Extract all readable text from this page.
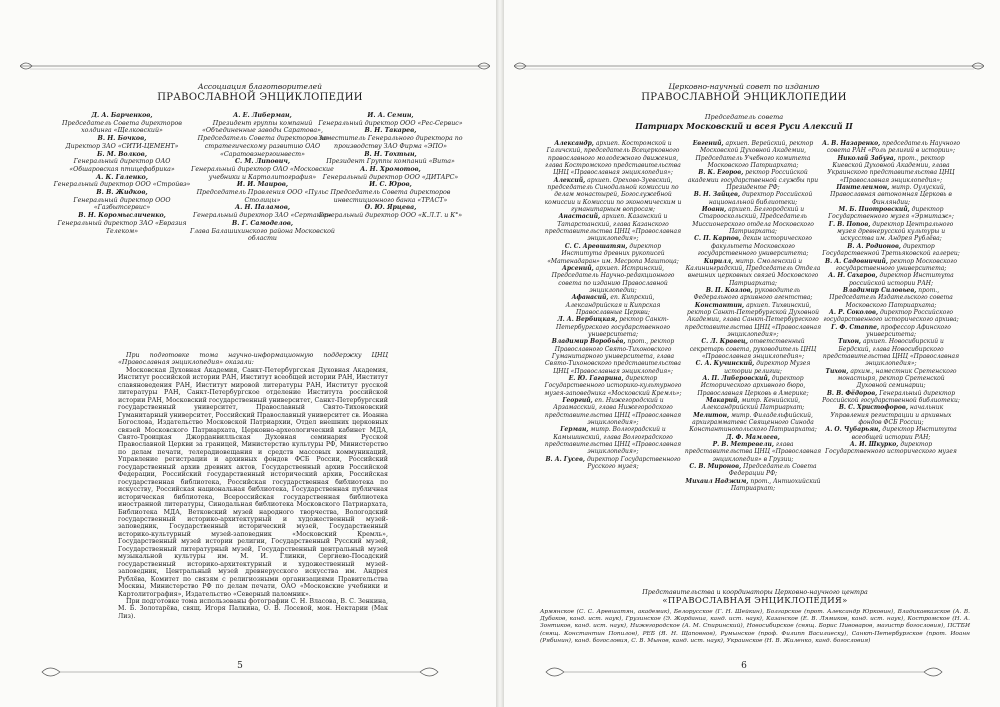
Ассоциация благотворителей
ПРАВОСЛАВНОЙ ЭНЦИКЛОПЕДИИ
Д. А. Барченков,
Председатель Совета директоров холдинга «Щелковский»
В. Н. Бочков,
Директор ЗАО «СИТИ-ЦЕМЕНТ»
Б. М. Волков,
Генеральный директор ОАО «Обшаровская птицефабрика»
А. К. Галенко,
Генеральный директор ООО «Стройвэ»
В. В. Жидков,
Генеральный директор ООО «Газбытсервис»
В. Н. Коромысличенко,
Генеральный директор ЗАО «Евразия Телеком»
А. Е. Либерман,
Президент группы компаний «Объединенные заводы Саратова», Председатель Совета директоров по стратегическому развитию ОАО «Саратовэнергоинвест»
С. М. Липович,
Генеральный директор ОАО «Московские учебники и Картолитография»
И. И. Маиров,
Председатель Правления ООО «Пульс Столицы»
А. Н. Паламов,
Генеральный директор ЗАО «Сертакер»
В. Г. Самоделов,
Глава Балашихинского района Московской области
И. А. Семин,
Генеральный директор ООО «Рес-Сервис»
В. Н. Такарев,
Заместитель Генерального директора по производству ЗАО Фирма «ЭПО»
В. Н. Тохтын,
Президент Группы компаний «Вита»
А. Н. Хромотов,
Генеральный директор ООО «ДИТАРС»
И. С. Юров,
Председатель Совета директоров инвестиционного банка «ТРАСТ»
О. Ю. Ярцева,
Генеральный директор ООО «К.Л.Т. и К°»

При подготовке тома научно-информационную поддержку ЦНЦ «Православная энциклопедия» оказали:

Московская Духовная Академия, Санкт-Петербургская Духовная Академия, Институт российской истории РАН, Институт всеобщей истории РАН, Институт славяноведения РАН, Институт мировой литературы РАН, Институт русской литературы РАН, Санкт-Петербургское отделение Института российской истории РАН, Московский государственный университет, Санкт-Петербургский государственный университет, Православный Свято-Тихоновский Гуманитарный университет, Российский Православный университет св. Иоанна Богослова, Издательство Московской Патриархии, Отдел внешних церковных связей Московского Патриархата, Церковно-археологический кабинет МДА, Свято-Троицкая Джорданвилльская Духовная семинария Русской Православной Церкви за границей, Министерство культуры РФ, Министерство по делам печати, телерадиовещания и средств массовых коммуникаций, Управление регистрации и архивных фондов ФСБ России, Российский государственный архив древних актов, Государственный архив Российской Федерации, Российский государственный исторический архив, Российская государственная библиотека, Российская государственная библиотека по искусству, Российская национальная библиотека, Государственная публичная историческая библиотека, Всероссийская государственная библиотека иностранной литературы, Синодальная библиотека Московского Патриархата, Библиотека МДА, Ветковский музей народного творчества, Вологодский государственный историко-архитектурный и художественный музей-заповедник, Государственный исторический музей, Государственный историко-культурный музей-заповедник «Московский Кремль», Государственный музей истории религии, Государственный Русский музей, Государственный литературный музей, Государственный центральный музей музыкальной культуры им. М. И. Глинки, Сергиево-Посадский государственный историко-архитектурный и художественный музей-заповедник, Центральный музей древнерусского искусства им. Андрея Рублёва, Комитет по связям с религиозными организациями Правительства Москвы, Министерство РФ по делам печати, ОАО «Московские учебники и Картолитография», Издательство «Северный паломник».

При подготовке тома использованы фотографии С. Н. Власова, В. С. Зенкина, М. Б. Золотарёва, свящ. Игоря Палкина, О. В. Лосевой, мон. Нектарии (Мак Лиз).

5
Церковно-научный совет по изданию
ПРАВОСЛАВНОЙ ЭНЦИКЛОПЕДИИ
Председатель совета
Патриарх Московский и всея Руси Алексий II
Александр, архиеп. Костромской и Галичский, председатель Всецерковного православного молодежного движения, глава Костромского представительства ЦНЦ «Православная энциклопедия»;
Алексий, архиеп. Орехово-Зуевский, председатель Синодальной комиссии по делам монастырей, Богослужебной комиссии и Комиссии по экономическим и гуманитарным вопросам;
Анастасий, архиеп. Казанский и Татарстанский, глава Казанского представительства ЦНЦ «Православная энциклопедия»;
С. С. Аревшатян, директор Института древних рукописей «Матенадаран» им. Месропа Маштоца;
Арсений, архиеп. Истринский, Председатель Научно-редакционного совета по изданию Православной энциклопедии;
Афанасий, еп. Кипрский, Александрийская и Кипрская Православные Церкви;
Л. А. Вербицкая, ректор Санкт-Петербургского государственного университета;
Владимир Воробьёв, прот., ректор Православного Свято-Тихоновского Гуманитарного университета, глава Свято-Тихоновского представительства ЦНЦ «Православная энциклопедия»;
Е. Ю. Гагарина, директор Государственного историко-культурного музея-заповедника «Московский Кремль»;
Георгий, еп. Нижегородский и Арзамасский, глава Нижегородского представительства ЦНЦ «Православная энциклопедия»;
Герман, митр. Волгоградский и Камышинский, глава Волгоградского представительства ЦНЦ «Православная энциклопедия»;
В. А. Гусев, директор Государственного Русского музея;
Евгений, архиеп. Верейский, ректор Московской Духовной Академии, Председатель Учебного комитета Московского Патриархата;
В. К. Егоров, ректор Российской академии государственной службы при Президенте РФ;
В. Н. Зайцев, директор Российской национальной библиотеки;
Иоанн, архиеп. Белгородский и Старооскольский, Председатель Миссионерского отдела Московского Патриархата;
С. П. Карпов, декан исторического факультета Московского государственного университета;
Кирилл, митр. Смоленский и Калининградский, Председатель Отдела внешних церковных связей Московского Патриархата;
В. П. Козлов, руководитель Федерального архивного агентства;
Константин, архиеп. Тихвинский, ректор Санкт-Петербургской Духовной Академии, глава Санкт-Петербургского представительства ЦНЦ «Православная энциклопедия»;
С. Л. Кравец, ответственный секретарь совета, руководитель ЦНЦ «Православная энциклопедия»;
С. А. Кучинский, директор Музея истории религии;
А. П. Либеровский, директор Исторического архивного бюро, Православная Церковь в Америке;
Макарий, митр. Кенийский, Александрийский Патриархат;
Мелитон, митр. Филадельфийский, архиграмматевс Священного Синода Константинопольского Патриархата;
Д. Ф. Мамлеев,
Р. В. Метревели, глава представительства ЦНЦ «Православная энциклопедия» в Грузии;
С. В. Миронов, Председатель Совета Федерации РФ;
Михаил Наджим, прот., Антиохийский Патриархат;
А. В. Назаренко, председатель Научного совета РАН «Роль религий в истории»;
Николай Забуга, прот., ректор Киевской Духовной Академии, глава Украинского представительства ЦНЦ «Православная энциклопедия»;
Пантелеимон, митр. Оулуский, Православная автономная Церковь в Финляндии;
М. Б. Пиотровский, директор Государственного музея «Эрмитаж»;
Г. В. Попов, директор Центрального музея древнерусской культуры и искусства им. Андрея Рублёва;
В. А. Родионов, директор Государственной Третьяковской галереи;
В. А. Садовничий, ректор Московского государственного университета;
А. Н. Сахаров, директор Института российской истории РАН;
Владимир Силовьев, прот., Председатель Издательского совета Московского Патриархата;
А. Р. Соколов, директор Российского государственного исторического архива;
Г. Ф. Стаппе, профессор Афинского университета;
Тихон, архиеп. Новосибирский и Бердский, глава Новосибирского представительства ЦНЦ «Православная энциклопедия»;
Тихон, архим., наместник Сретенского монастыря, ректор Сретенской Духовной семинарии;
В. В. Фёдоров, Генеральный директор Российской государственной библиотеки;
В. С. Христофоров, начальник Управления регистрации и архивных фондов ФСБ России;
А. О. Чубарьян, директор Института всеобщей истории РАН;
А. И. Шкурко, директор Государственного исторического музея
Представительства и координаторы Церковно-научного центра
«ПРАВОСЛАВНАЯ ЭНЦИКЛОПЕДИЯ»
Армянское (С. С. Аревшатян, академик), Белорусское (Г. Н. Шейкин), Болгарское (прот. Александр Юрковин), Владикавказское (А. В. Дубаков, канд. ист. наук), Грузинское (Э. Жорданиа, канд. ист. наук), Казанское (Е. В. Лямиков, канд. ист. наук), Костромское (Н. А. Зонтиков, канд. ист. наук), Нижегородское (А. М. Спиринский), Новосибирское (свящ. Борис Пивоваров, магистр богословия), ПСТБИ (свящ. Константин Попилов), РЕБ (Я. Н. Щаповнов), Румынское (проф. Филипп Василиеску), Санкт-Петербургское (прот. Иоанн (Рябинин), канд. богословия, С. В. Мынов, канд. ист. наук), Украинское (Н. В. Жиленко, канд. богословия)
6
